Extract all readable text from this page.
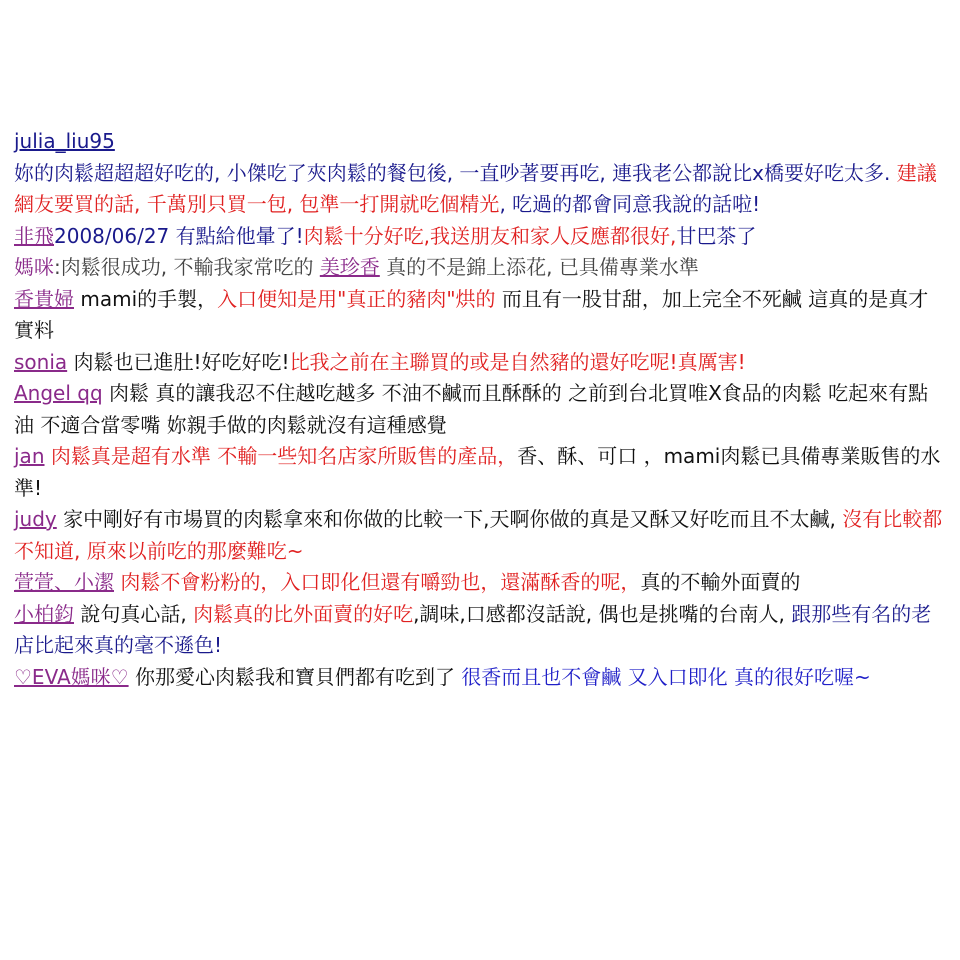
julia_liu95
妳的肉鬆超超超好吃的, 小傑吃了夾肉鬆的餐包後, 一直吵著要再吃, 連我老公都說比x橋要好吃太多. 建議網友要買的話, 千萬別只買一包, 包準一打開就吃個精光, 吃過的都會同意我說的話啦!
非飛2008/06/27 有點給他暈了!肉鬆十分好吃,我送朋友和家人反應都很好,甘巴茶了
媽咪:肉鬆很成功, 不輸我家常吃的 美珍香 真的不是錦上添花, 已具備專業水準
香貴婦 mami的手製，入口便知是用"真正的豬肉"烘的 而且有一股甘甜，加上完全不死鹹 這真的是真才實料
sonia 肉鬆也已進肚!好吃好吃!比我之前在主聯買的或是自然豬的還好吃呢!真厲害!
Angel qq 肉鬆 真的讓我忍不住越吃越多 不油不鹹而且酥酥的 之前到台北買唯X食品的肉鬆 吃起來有點油 不適合當零嘴 妳親手做的肉鬆就沒有這種感覺
jan 肉鬆真是超有水準 不輸一些知名店家所販售的產品，香、酥、可口 ，mami肉鬆已具備專業販售的水準!
judy 家中剛好有市場買的肉鬆拿來和你做的比較一下,天啊你做的真是又酥又好吃而且不太鹹, 沒有比較都不知道, 原來以前吃的那麼難吃~
萱萱、小潔 肉鬆不會粉粉的，入口即化但還有嚼勁也，還滿酥香的呢，真的不輸外面賣的
小柏鈞 說句真心話, 肉鬆真的比外面賣的好吃,調味,口感都沒話說, 偶也是挑嘴的台南人, 跟那些有名的老店比起來真的毫不遜色!
♡EVA媽咪♡ 你那愛心肉鬆我和寶貝們都有吃到了 很香而且也不會鹹 又入口即化 真的很好吃喔~
